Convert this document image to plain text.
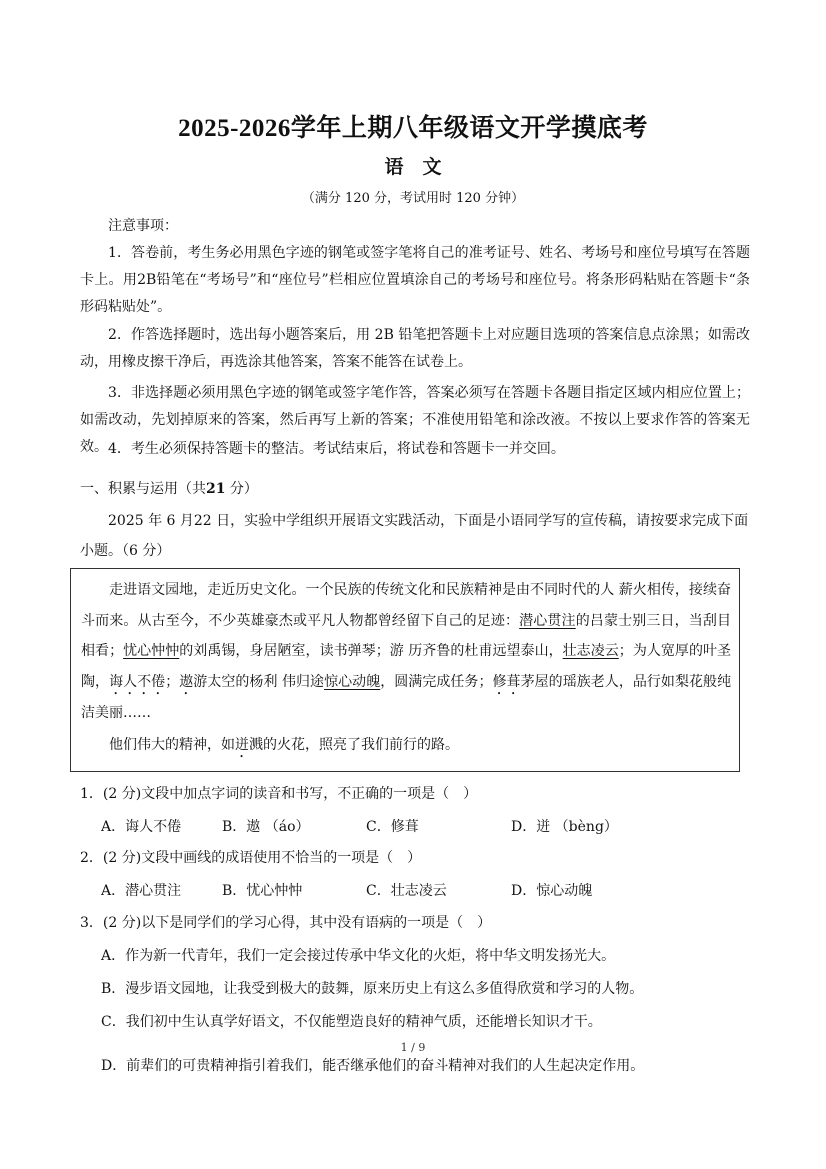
2025-2026学年上期八年级语文开学摸底考
语　文
（满分 120 分，考试用时 120 分钟）
注意事项：
1．答卷前，考生务必用黑色字迹的钢笔或签字笔将自己的准考证号、姓名、考场号和座位号填写在答题卡上。用2B铅笔在“考场号”和“座位号”栏相应位置填涂自己的考场号和座位号。将条形码粘贴在答题卡“条形码粘贴处”。
2．作答选择题时，选出每小题答案后，用 2B 铅笔把答题卡上对应题目选项的答案信息点涂黑；如需改动，用橡皮擦干净后，再选涂其他答案，答案不能答在试卷上。
3．非选择题必须用黑色字迹的钢笔或签字笔作答，答案必须写在答题卡各题目指定区域内相应位置上；如需改动，先划掉原来的答案，然后再写上新的答案；不准使用铅笔和涂改液。不按以上要求作答的答案无效。 4．考生必须保持答题卡的整洁。考试结束后，将试卷和答题卡一并交回。
一、积累与运用（共21 分）
2025 年 6 月22 日，实验中学组织开展语文实践活动，下面是小语同学写的宣传稿，请按要求完成下面小题。（6 分）
走进语文园地，走近历史文化。一个民族的传统文化和民族精神是由不同时代的人 薪火相传，接续奋斗而来。从古至今，不少英雄豪杰或平凡人物都曾经留下自己的足迹：潜心贯注的吕蒙士别三日，当刮目相看；忧心忡忡的刘禹锡，身居陋室，读书弹琴；游 历齐鲁的杜甫远望泰山，壮志凌云；为人宽厚的叶圣陶，诲人不倦；遨游太空的杨利 伟归途惊心动魄，圆满完成任务；修葺茅屋的瑶族老人，品行如梨花般纯洁美丽……
他们伟大的精神，如迸溅的火花，照亮了我们前行的路。
1．(2 分)文段中加点字词的读音和书写，不正确的一项是（　）
A．诲人不倦	B．遨 （áo）	C．修葺	D．迸 （bèng）
2．(2 分)文段中画线的成语使用不恰当的一项是（　）
A．潜心贯注	B．忧心忡忡	C．壮志凌云	D．惊心动魄
3．(2 分)以下是同学们的学习心得，其中没有语病的一项是（　）
A．作为新一代青年，我们一定会接过传承中华文化的火炬，将中华文明发扬光大。
B．漫步语文园地，让我受到极大的鼓舞，原来历史上有这么多值得欣赏和学习的人物。
C．我们初中生认真学好语文，不仅能塑造良好的精神气质，还能增长知识才干。
1 / 9
D．前辈们的可贵精神指引着我们，能否继承他们的奋斗精神对我们的人生起决定作用。
